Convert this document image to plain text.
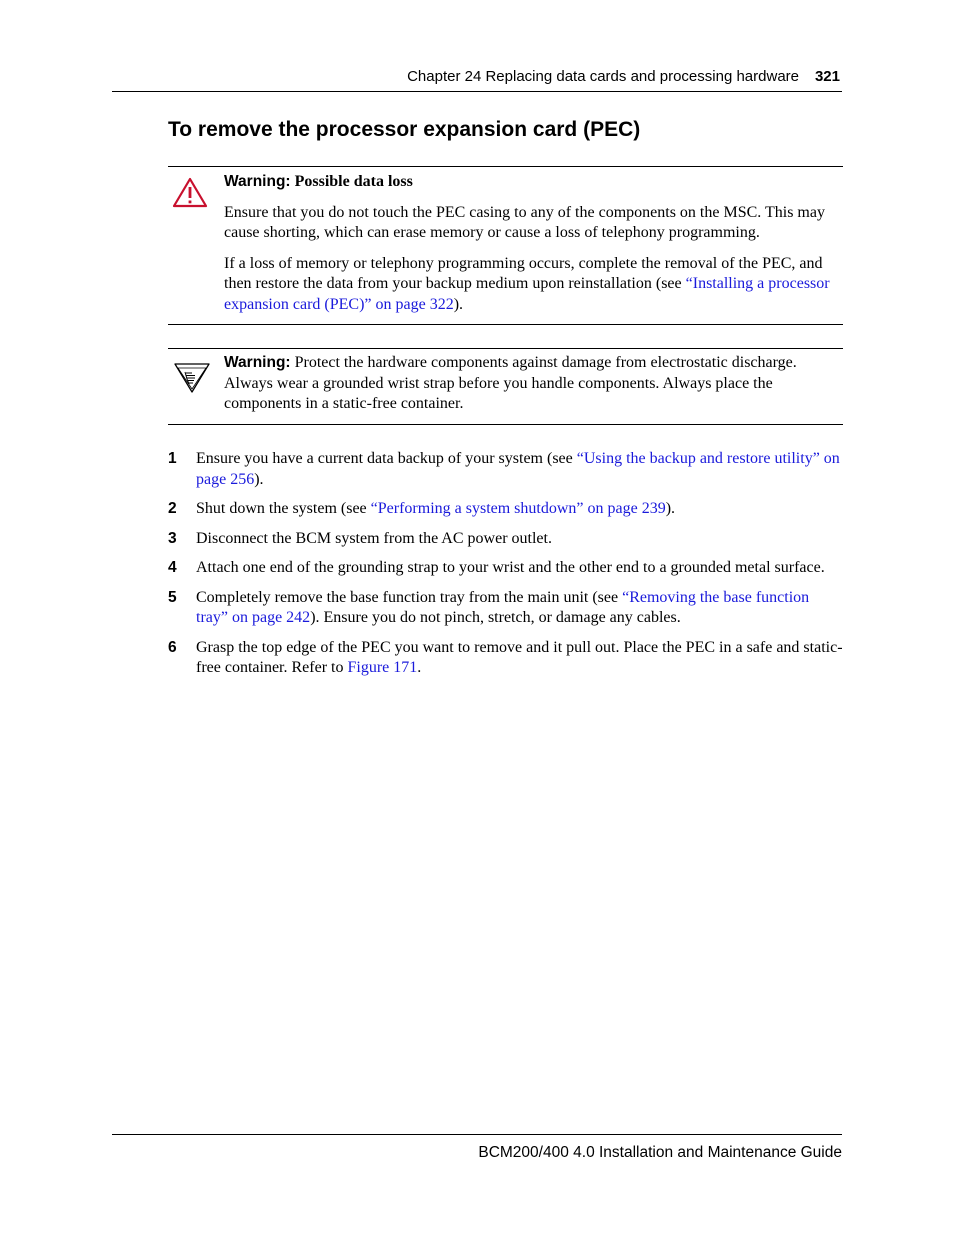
Chapter 24 Replacing data cards and processing hardware 321
To remove the processor expansion card (PEC)

Warning: Possible data loss

Ensure that you do not touch the PEC casing to any of the components on the MSC. This may cause shorting, which can erase memory or cause a loss of telephony programming.

If a loss of memory or telephony programming occurs, complete the removal of the PEC, and then restore the data from your backup medium upon reinstallation (see “Installing a processor expansion card (PEC)” on page 322).

Warning: Protect the hardware components against damage from electrostatic discharge. Always wear a grounded wrist strap before you handle components. Always place the components in a static-free container.

1 Ensure you have a current data backup of your system (see “Using the backup and restore utility” on page 256).
2 Shut down the system (see “Performing a system shutdown” on page 239).
3 Disconnect the BCM system from the AC power outlet.
4 Attach one end of the grounding strap to your wrist and the other end to a grounded metal surface.
5 Completely remove the base function tray from the main unit (see “Removing the base function tray” on page 242). Ensure you do not pinch, stretch, or damage any cables.
6 Grasp the top edge of the PEC you want to remove and it pull out. Place the PEC in a safe and static-free container. Refer to Figure 171.
BCM200/400 4.0 Installation and Maintenance Guide
